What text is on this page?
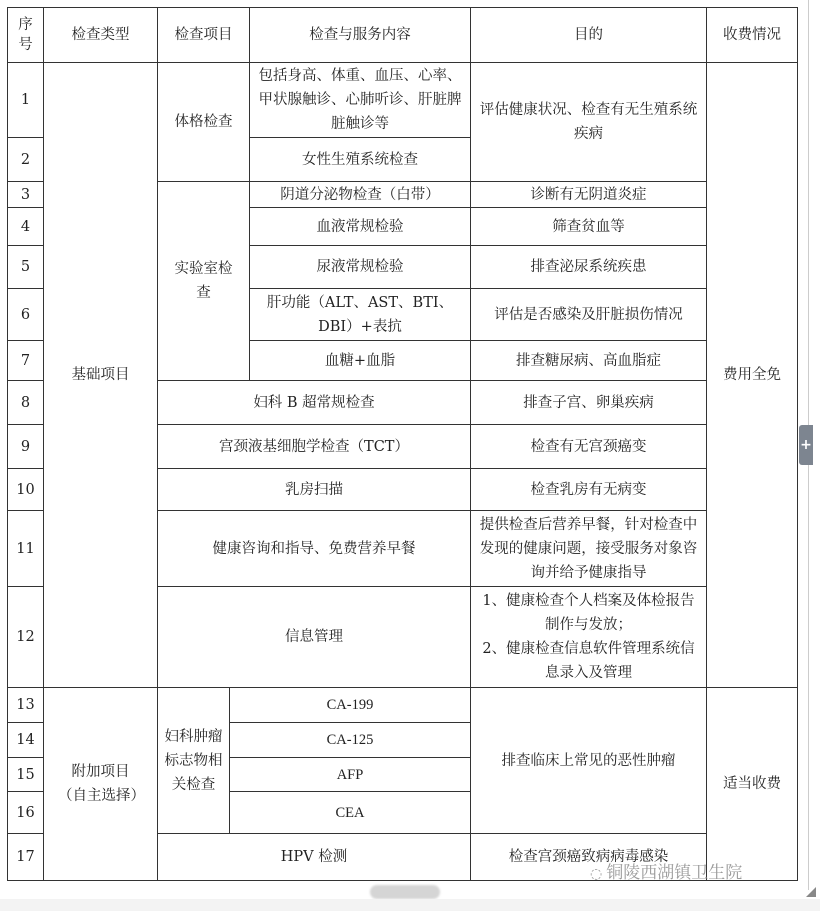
序号	检查类型	检查项目		检查与服务内容	目的	收费情况
1	基础项目	体格检查		包括身高、体重、血压、心率、甲状腺触诊、心肺听诊、肝脏脾脏触诊等	评估健康状况、检查有无生殖系统疾病	费用全免
2				女性生殖系统检查		
3		实验室检查		阴道分泌物检查（白带）	诊断有无阴道炎症	
4				血液常规检验	筛查贫血等	
5				尿液常规检验	排查泌尿系统疾患	
6				肝功能（ALT、AST、BTI、DBI）+表抗	评估是否感染及肝脏损伤情况	
7				血糖+血脂	排查糖尿病、高血脂症	
8		妇科 B 超常规检查			排查子宫、卵巢疾病	
9		宫颈液基细胞学检查（TCT）			检查有无宫颈癌变	
10		乳房扫描			检查乳房有无病变	
11		健康咨询和指导、免费营养早餐			提供检查后营养早餐，针对检查中发现的健康问题，接受服务对象咨询并给予健康指导	
12		信息管理			1、健康检查个人档案及体检报告制作与发放；
2、健康检查信息软件管理系统信息录入及管理	

13	附加项目（自主选择）	妇科肿瘤标志物相关检查	CA-199		排查临床上常见的恶性肿瘤	适当收费
14			CA-125			
15			AFP			
16			CEA			
17		HPV 检测			检查宫颈癌致病病毒感染	
+
◌ 铜陵西湖镇卫生院
